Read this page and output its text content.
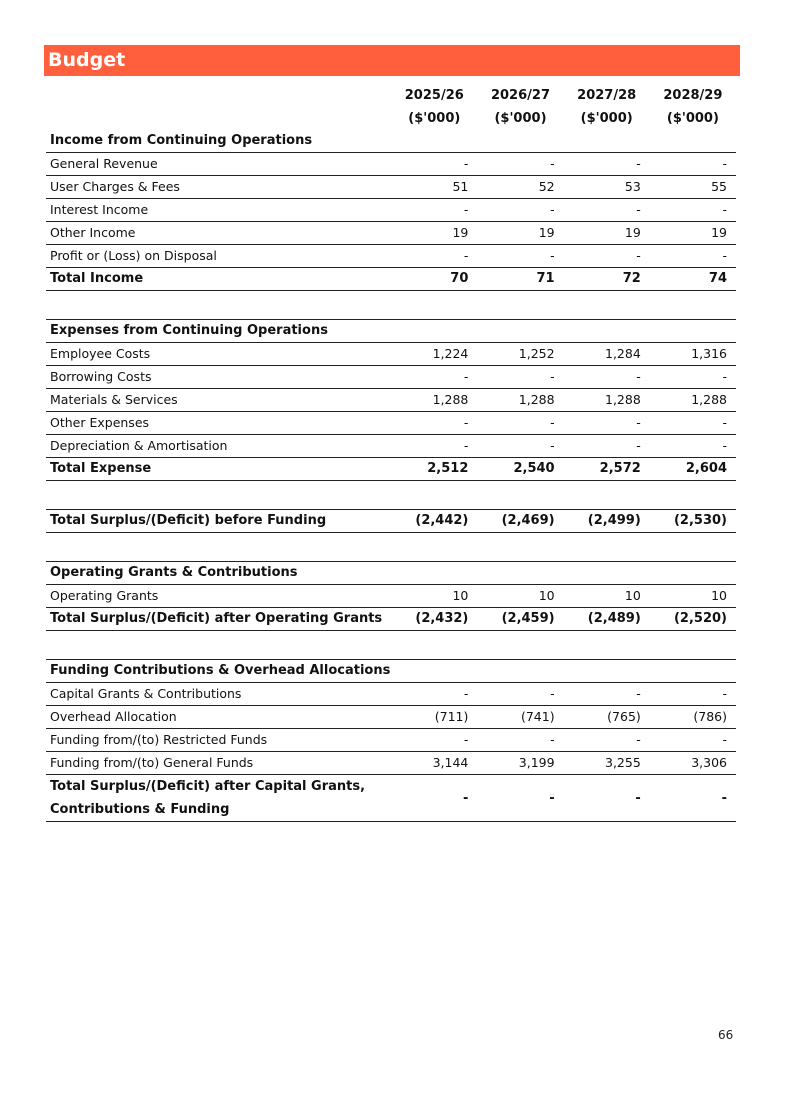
Budget
	2025/26	2026/27	2027/28	2028/29
	($'000)	($'000)	($'000)	($'000)
Income from Continuing Operations				
General Revenue	-	-	-	-
User Charges & Fees	51	52	53	55
Interest Income	-	-	-	-
Other Income	19	19	19	19
Profit or (Loss) on Disposal	-	-	-	-
Total Income	70	71	72	74

Expenses from Continuing Operations				
Employee Costs	1,224	1,252	1,284	1,316
Borrowing Costs	-	-	-	-
Materials & Services	1,288	1,288	1,288	1,288
Other Expenses	-	-	-	-
Depreciation & Amortisation	-	-	-	-
Total Expense	2,512	2,540	2,572	2,604

Total Surplus/(Deficit) before Funding	(2,442)	(2,469)	(2,499)	(2,530)

Operating Grants & Contributions				
Operating Grants	10	10	10	10
Total Surplus/(Deficit) after Operating Grants	(2,432)	(2,459)	(2,489)	(2,520)

Funding Contributions & Overhead Allocations				
Capital Grants & Contributions	-	-	-	-
Overhead Allocation	(711)	(741)	(765)	(786)
Funding from/(to) Restricted Funds	-	-	-	-
Funding from/(to) General Funds	3,144	3,199	3,255	3,306

Total Surplus/(Deficit) after Capital Grants,
Contributions & Funding	-	-	-	-
66
